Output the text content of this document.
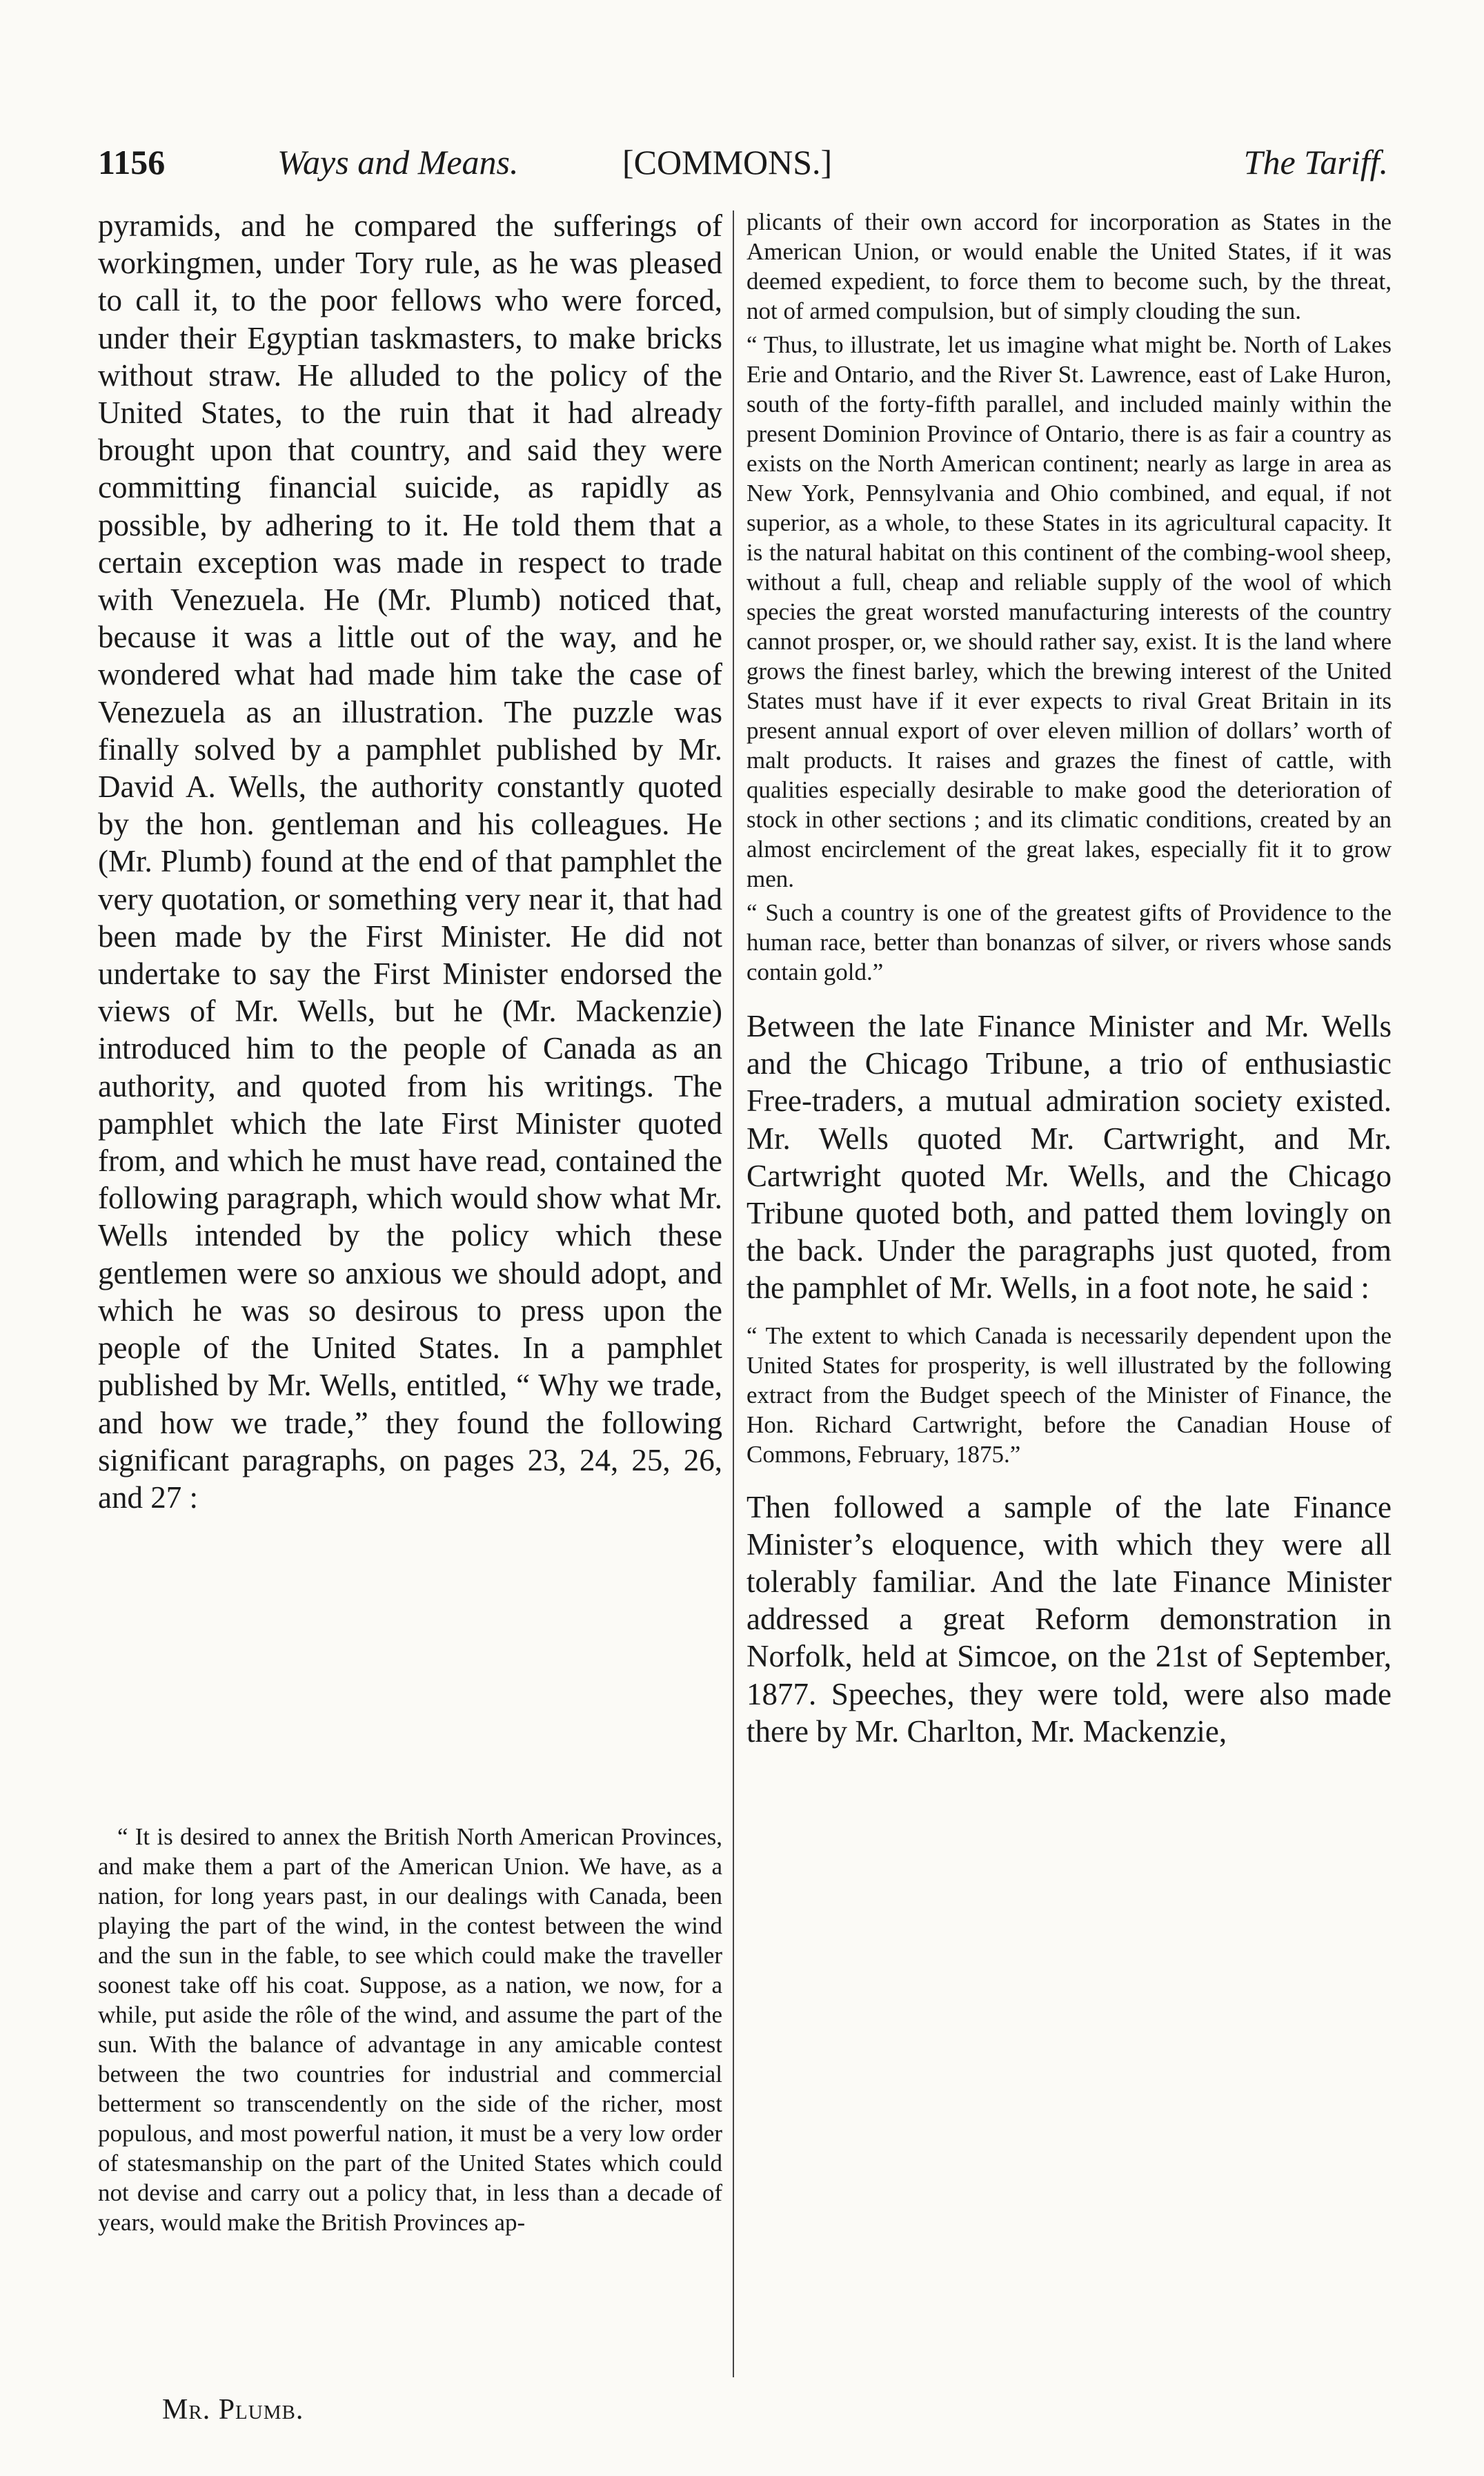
1156	Ways and Means.	[COMMONS.]	The Tariff.

pyramids, and he compared the sufferings of workingmen, under Tory rule, as he was pleased to call it, to the poor fellows who were forced, under their Egyptian taskmasters, to make bricks without straw. He alluded to the policy of the United States, to the ruin that it had already brought upon that country, and said they were committing financial suicide, as rapidly as possible, by adhering to it. He told them that a certain exception was made in respect to trade with Venezuela. He (Mr. Plumb) noticed that, because it was a little out of the way, and he wondered what had made him take the case of Venezuela as an illustration. The puzzle was finally solved by a pamphlet published by Mr. David A. Wells, the authority constantly quoted by the hon. gentleman and his colleagues. He (Mr. Plumb) found at the end of that pamphlet the very quotation, or something very near it, that had been made by the First Minister. He did not undertake to say the First Minister endorsed the views of Mr. Wells, but he (Mr. Mackenzie) introduced him to the people of Canada as an authority, and quoted from his writings. The pamphlet which the late First Minister quoted from, and which he must have read, contained the following paragraph, which would show what Mr. Wells intended by the policy which these gentlemen were so anxious we should adopt, and which he was so desirous to press upon the people of the United States. In a pamphlet published by Mr. Wells, entitled, “ Why we trade, and how we trade,” they found the following significant paragraphs, on pages 23, 24, 25, 26, and 27 :

“ It is desired to annex the British North American Provinces, and make them a part of the American Union. We have, as a nation, for long years past, in our dealings with Canada, been playing the part of the wind, in the contest between the wind and the sun in the fable, to see which could make the traveller soonest take off his coat. Suppose, as a nation, we now, for a while, put aside the rôle of the wind, and assume the part of the sun. With the balance of advantage in any amicable contest between the two countries for industrial and commercial betterment so transcendently on the side of the richer, most populous, and most powerful nation, it must be a very low order of statesmanship on the part of the United States which could not devise and carry out a policy that, in less than a decade of years, would make the British Provinces ap-

plicants of their own accord for incorporation as States in the American Union, or would enable the United States, if it was deemed expedient, to force them to become such, by the threat, not of armed compulsion, but of simply clouding the sun.

“ Thus, to illustrate, let us imagine what might be. North of Lakes Erie and Ontario, and the River St. Lawrence, east of Lake Huron, south of the forty-fifth parallel, and included mainly within the present Dominion Province of Ontario, there is as fair a country as exists on the North American continent; nearly as large in area as New York, Pennsylvania and Ohio combined, and equal, if not superior, as a whole, to these States in its agricultural capacity. It is the natural habitat on this continent of the combing-wool sheep, without a full, cheap and reliable supply of the wool of which species the great worsted manufacturing interests of the country cannot prosper, or, we should rather say, exist. It is the land where grows the finest barley, which the brewing interest of the United States must have if it ever expects to rival Great Britain in its present annual export of over eleven million of dollars’ worth of malt products. It raises and grazes the finest of cattle, with qualities especially desirable to make good the deterioration of stock in other sections ; and its climatic conditions, created by an almost encirclement of the great lakes, especially fit it to grow men.

“ Such a country is one of the greatest gifts of Providence to the human race, better than bonanzas of silver, or rivers whose sands contain gold.”

Between the late Finance Minister and Mr. Wells and the Chicago Tribune, a trio of enthusiastic Free-traders, a mutual admiration society existed. Mr. Wells quoted Mr. Cartwright, and Mr. Cartwright quoted Mr. Wells, and the Chicago Tribune quoted both, and patted them lovingly on the back. Under the paragraphs just quoted, from the pamphlet of Mr. Wells, in a foot note, he said :

“ The extent to which Canada is necessarily dependent upon the United States for prosperity, is well illustrated by the following extract from the Budget speech of the Minister of Finance, the Hon. Richard Cartwright, before the Canadian House of Commons, February, 1875.”

Then followed a sample of the late Finance Minister’s eloquence, with which they were all tolerably familiar. And the late Finance Minister addressed a great Reform demonstration in Norfolk, held at Simcoe, on the 21st of September, 1877. Speeches, they were told, were also made there by Mr. Charlton, Mr. Mackenzie,

Mr. Plumb.
